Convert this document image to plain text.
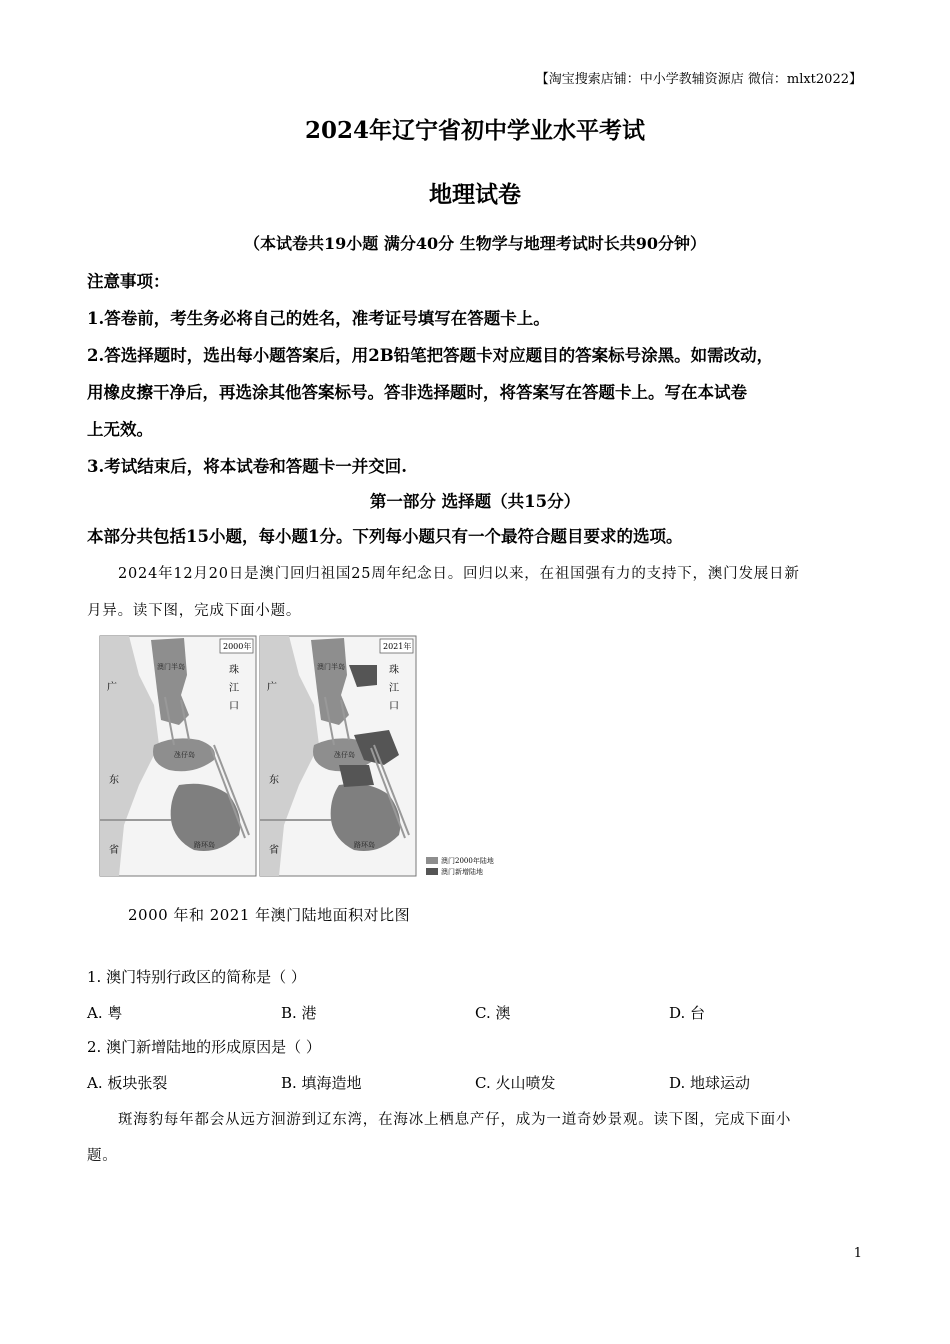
【淘宝搜索店铺：中小学教辅资源店 微信：mlxt2022】
2024年辽宁省初中学业水平考试
地理试卷
（本试卷共19小题 满分40分 生物学与地理考试时长共90分钟）
注意事项：
1.答卷前，考生务必将自己的姓名，准考证号填写在答题卡上。
2.答选择题时，选出每小题答案后，用2B铅笔把答题卡对应题目的答案标号涂黑。如需改动，
用橡皮擦干净后，再选涂其他答案标号。答非选择题时，将答案写在答题卡上。写在本试卷
上无效。
3.考试结束后，将本试卷和答题卡一并交回.
第一部分 选择题（共15分）
本部分共包括15小题，每小题1分。下列每小题只有一个最符合题目要求的选项。
2024年12月20日是澳门回归祖国25周年纪念日。回归以来，在祖国强有力的支持下，澳门发展日新
月异。读下图，完成下面小题。
2000年	2021年
广
东
省
广
东
省
珠
江
口
珠
江
口
澳门半岛	澳门半岛
氹仔岛	氹仔岛
路环岛	路环岛
澳门2000年陆地
澳门新增陆地
2000 年和 2021 年澳门陆地面积对比图
1. 澳门特别行政区的简称是（ ）
A. 粤	B. 港	C. 澳	D. 台
2. 澳门新增陆地的形成原因是（ ）
A. 板块张裂	B. 填海造地	C. 火山喷发	D. 地球运动
斑海豹每年都会从远方洄游到辽东湾，在海冰上栖息产仔，成为一道奇妙景观。读下图，完成下面小
题。
1
